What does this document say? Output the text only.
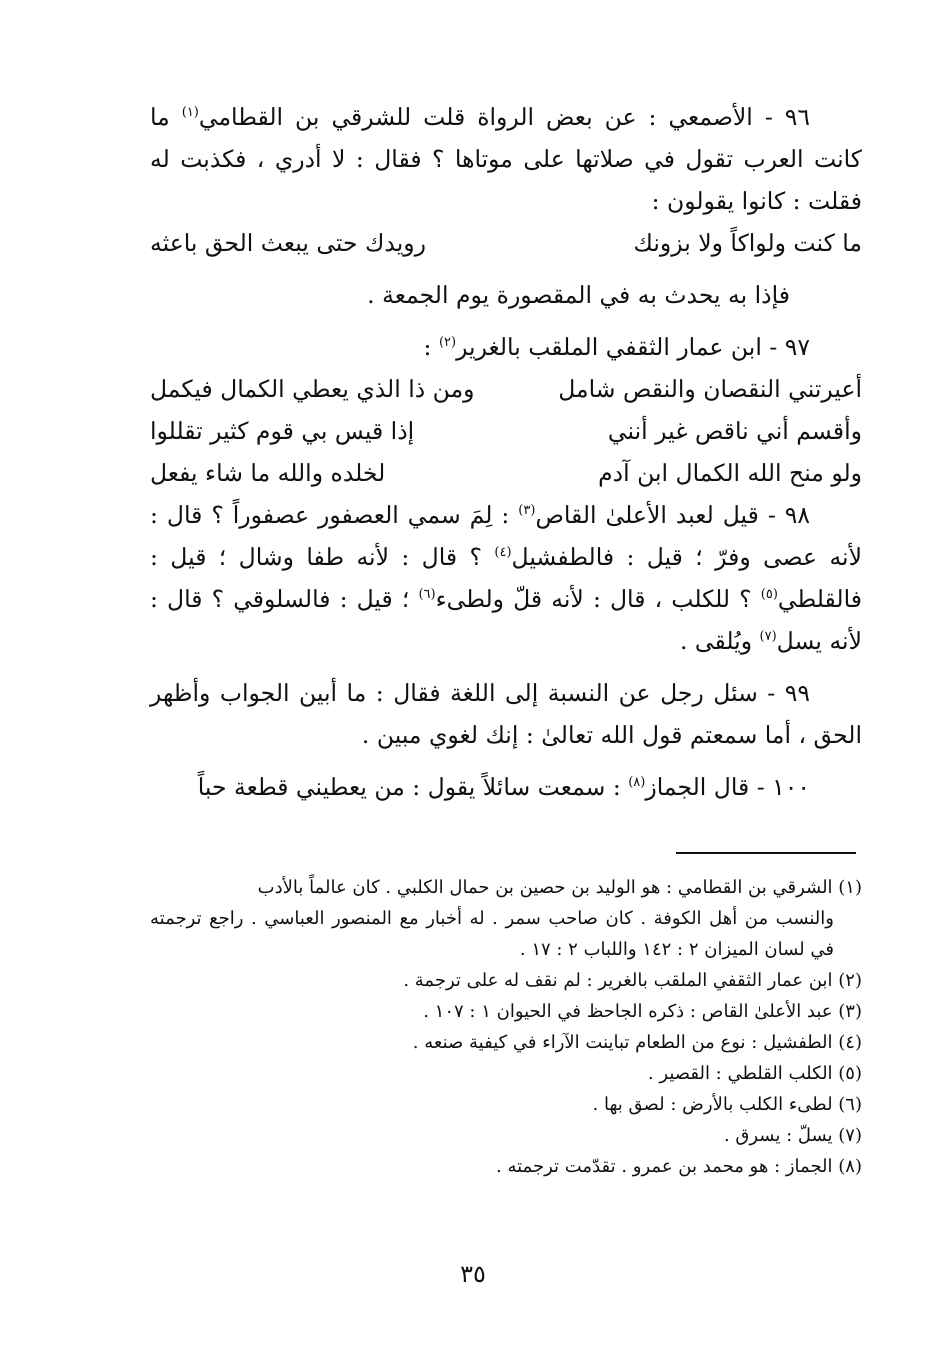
٩٦ - الأصمعي : عن بعض الرواة قلت للشرقي بن القطامي$^{(١)}$ ما كانت العرب تقول في صلاتها على موتاها ؟ فقال : لا أدري ، فكذبت له فقلت : كانوا يقولون :

ما كنت ولواكاً ولا بزونك
رويدك حتى يبعث الحق باعثه

فإذا به يحدث به في المقصورة يوم الجمعة .

٩٧ - ابن عمار الثقفي الملقب بالغرير$^{(٢)}$ :

أعيرتني النقصان والنقص شامل
ومن ذا الذي يعطي الكمال فيكمل
وأقسم أني ناقص غير أنني
إذا قيس بي قوم كثير تقللوا
ولو منح الله الكمال ابن آدم
لخلده والله ما شاء يفعل

٩٨ - قيل لعبد الأعلىٰ القاص$^{(٣)}$ : لِمَ سمي العصفور عصفوراً ؟ قال : لأنه عصى وفرّ ؛ قيل : فالطفشيل$^{(٤)}$ ؟ قال : لأنه طفا وشال ؛ قيل : فالقلطي$^{(٥)}$ ؟ للكلب ، قال : لأنه قلّ ولطىء$^{(٦)}$ ؛ قيل : فالسلوقي ؟ قال : لأنه يسل$^{(٧)}$ ويُلقى .

٩٩ - سئل رجل عن النسبة إلى اللغة فقال : ما أبين الجواب وأظهر الحق ، أما سمعتم قول الله تعالىٰ : إنك لغوي مبين .

١٠٠ - قال الجماز$^{(٨)}$ : سمعت سائلاً يقول : من يعطيني قطعة حباً

(١) الشرقي بن القطامي : هو الوليد بن حصين بن حمال الكلبي . كان عالماً بالأدب
والنسب من أهل الكوفة . كان صاحب سمر . له أخبار مع المنصور العباسي . راجع ترجمته في لسان الميزان ٢ : ١٤٢ واللباب ٢ : ١٧ .

(٢) ابن عمار الثقفي الملقب بالغرير : لم نقف له على ترجمة .

(٣) عبد الأعلىٰ القاص : ذكره الجاحظ في الحيوان ١ : ١٠٧ .

(٤) الطفشيل : نوع من الطعام تباينت الآراء في كيفية صنعه .

(٥) الكلب القلطي : القصير .

(٦) لطىء الكلب بالأرض : لصق بها .

(٧) يسلّ : يسرق .

(٨) الجماز : هو محمد بن عمرو . تقدّمت ترجمته .

٣٥
